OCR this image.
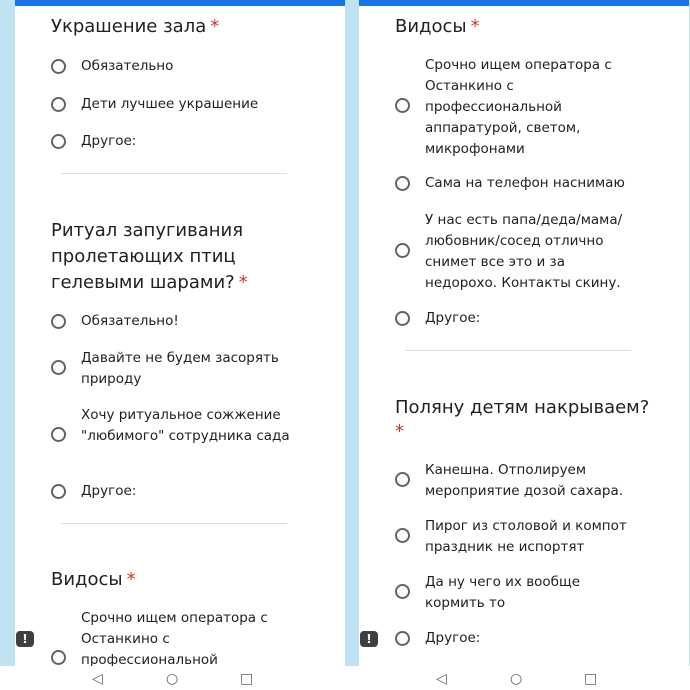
Украшение зала *
Обязательно
Дети лучшее украшение
Другое:
Ритуал запугивания пролетающих птиц гелевыми шарами? *
Обязательно!
Давайте не будем засорять природу
Хочу ритуальное сожжение "любимого" сотрудника сада
Другое:
Видосы *
Срочно ищем оператора с Останкино с профессиональной
!
Видосы *
Срочно ищем оператора с Останкино с профессиональной аппаратурой, светом, микрофонами
Сама на телефон наснимаю
У нас есть папа/деда/мама/любовник/сосед отлично снимет все это и за недорохо. Контакты скину.
Другое:
Поляну детям накрываем?
*
Канешна. Отполируем мероприятие дозой сахара.
Пирог из столовой и компот праздник не испортят
Да ну чего их вообще кормить то
Другое:
!
◁	○	□	◁	○	□
